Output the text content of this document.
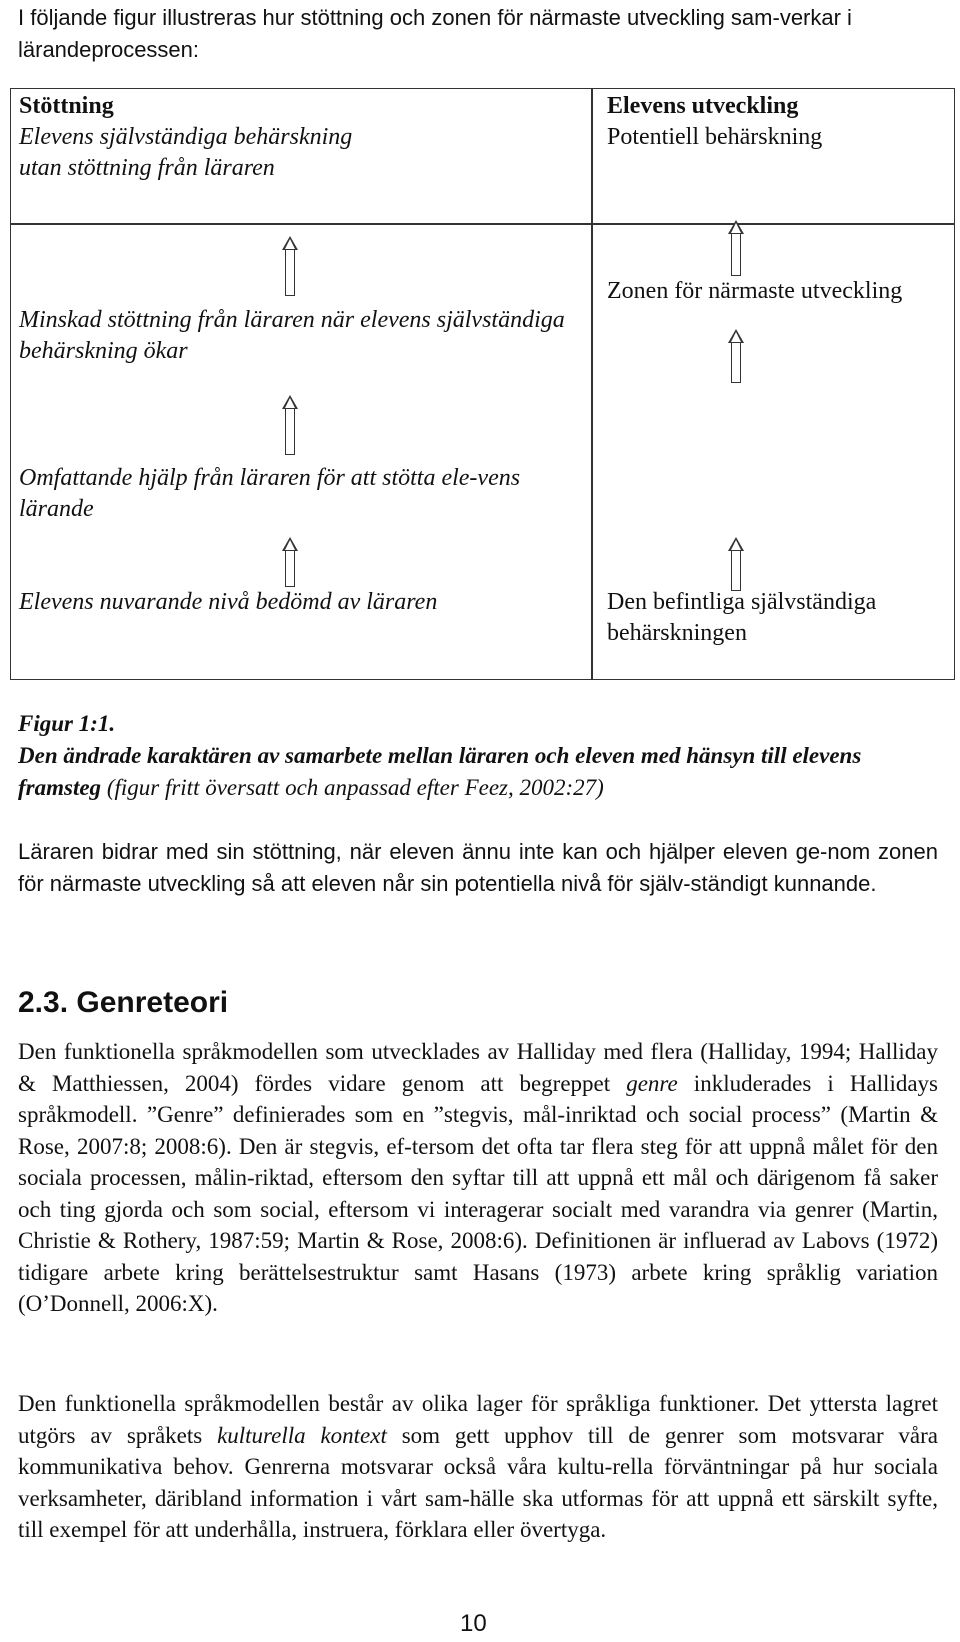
I följande figur illustreras hur stöttning och zonen för närmaste utveckling sam-verkar i lärandeprocessen:
Stöttning
Elevens självständiga behärskning
utan stöttning från läraren
Elevens utveckling
Potentiell behärskning
Minskad stöttning från läraren när elevens självständiga behärskning ökar
Omfattande hjälp från läraren för att stötta ele-vens lärande
Elevens nuvarande nivå bedömd av läraren
Zonen för närmaste utveckling
Den befintliga självständiga behärskningen
Figur 1:1.
Den ändrade karaktären av samarbete mellan läraren och eleven med hänsyn till elevens framsteg (figur fritt översatt och anpassad efter Feez, 2002:27)
Läraren bidrar med sin stöttning, när eleven ännu inte kan och hjälper eleven ge-nom zonen för närmaste utveckling så att eleven når sin potentiella nivå för själv-ständigt kunnande.
2.3. Genreteori
Den funktionella språkmodellen som utvecklades av Halliday med flera (Halliday, 1994; Halliday & Matthiessen, 2004) fördes vidare genom att begreppet genre inkluderades i Hallidays språkmodell. ”Genre” definierades som en ”stegvis, mål-inriktad och social process” (Martin & Rose, 2007:8; 2008:6). Den är stegvis, ef-tersom det ofta tar flera steg för att uppnå målet för den sociala processen, målin-riktad, eftersom den syftar till att uppnå ett mål och därigenom få saker och ting gjorda och som social, eftersom vi interagerar socialt med varandra via genrer (Martin, Christie & Rothery, 1987:59; Martin & Rose, 2008:6). Definitionen är influerad av Labovs (1972) tidigare arbete kring berättelsestruktur samt Hasans (1973) arbete kring språklig variation (O’Donnell, 2006:X).
Den funktionella språkmodellen består av olika lager för språkliga funktioner. Det yttersta lagret utgörs av språkets kulturella kontext som gett upphov till de genrer som motsvarar våra kommunikativa behov. Genrerna motsvarar också våra kultu-rella förväntningar på hur sociala verksamheter, däribland information i vårt sam-hälle ska utformas för att uppnå ett särskilt syfte, till exempel för att underhålla, instruera, förklara eller övertyga.
10
